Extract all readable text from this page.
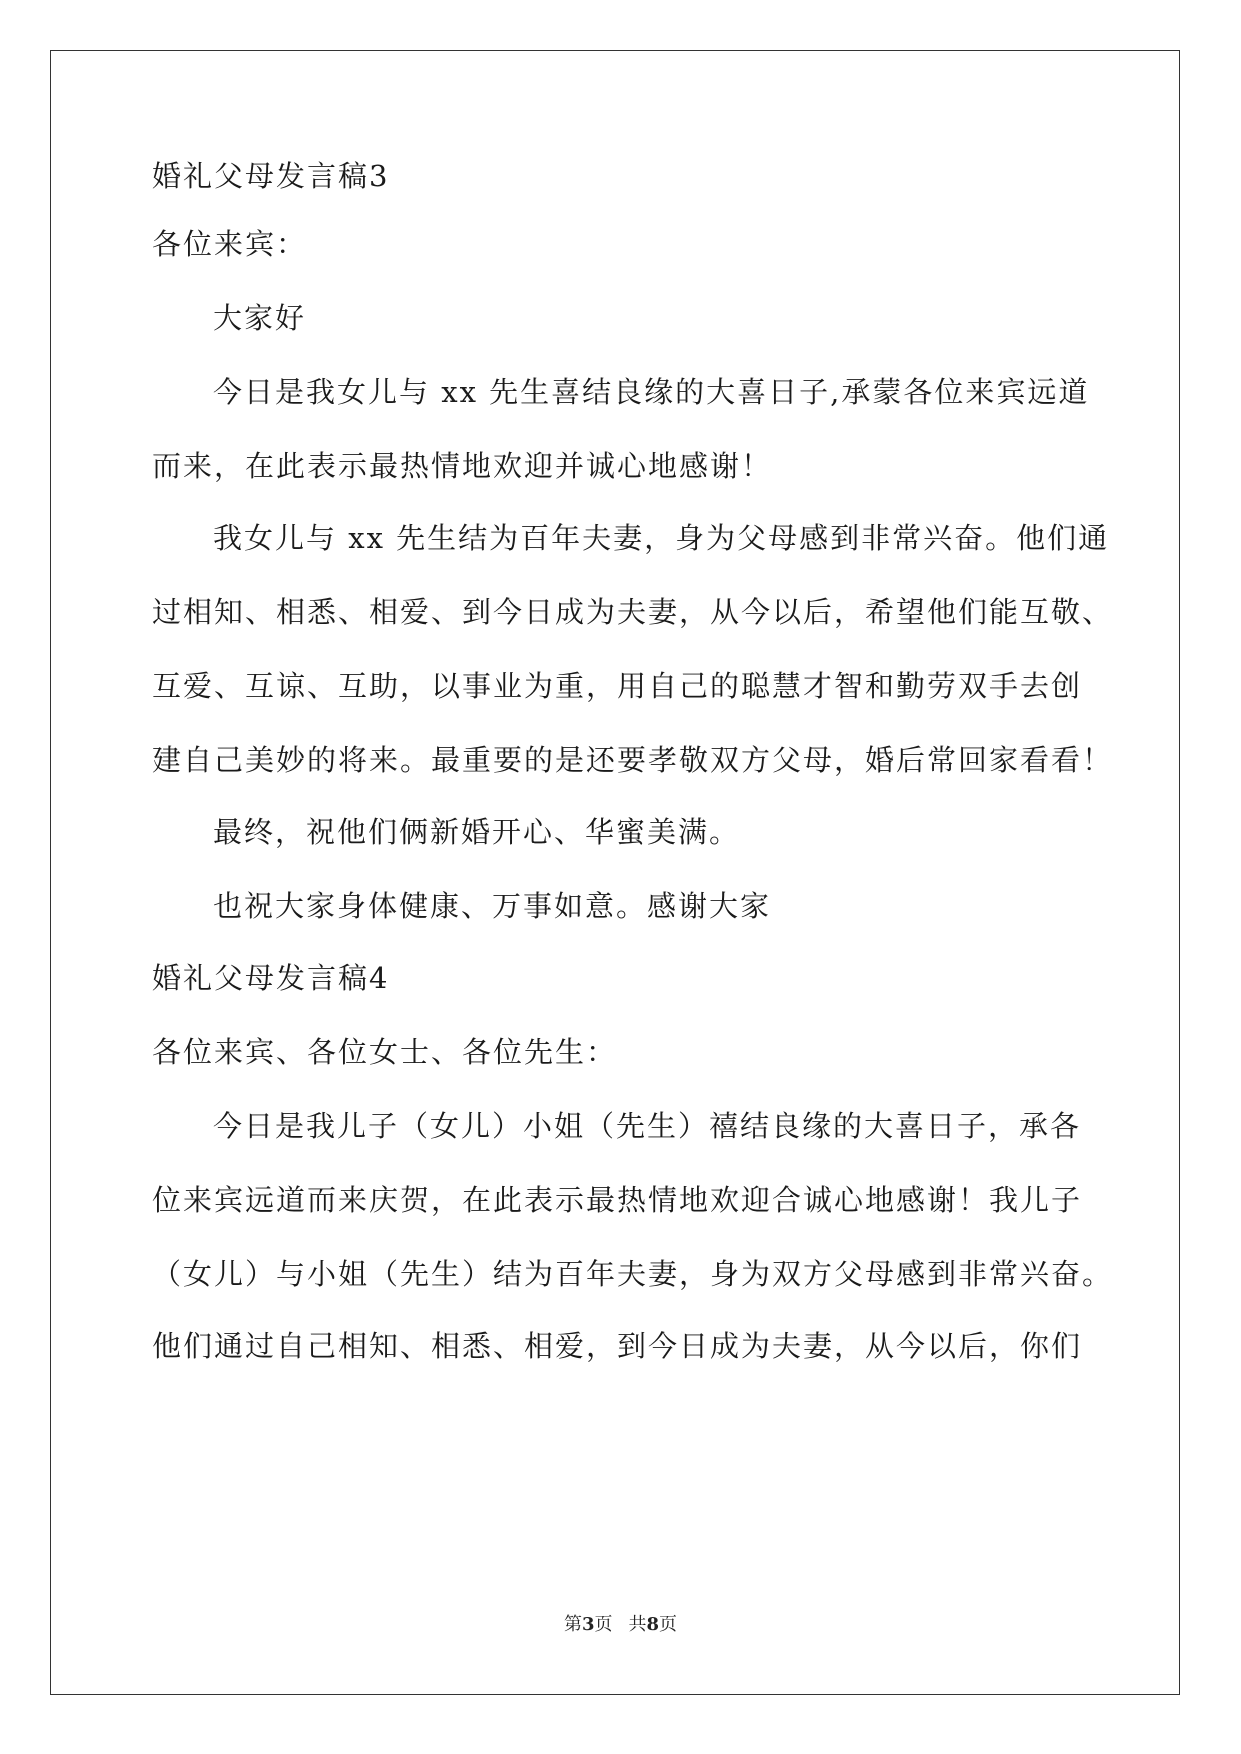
婚礼父母发言稿3
各位来宾：
大家好
今日是我女儿与 xx 先生喜结良缘的大喜日子,承蒙各位来宾远道
而来，在此表示最热情地欢迎并诚心地感谢！
我女儿与 xx 先生结为百年夫妻，身为父母感到非常兴奋。他们通
过相知、相悉、相爱、到今日成为夫妻，从今以后，希望他们能互敬、
互爱、互谅、互助，以事业为重，用自己的聪慧才智和勤劳双手去创
建自己美妙的将来。最重要的是还要孝敬双方父母，婚后常回家看看！
最终，祝他们俩新婚开心、华蜜美满。
也祝大家身体健康、万事如意。感谢大家
婚礼父母发言稿4
各位来宾、各位女士、各位先生：
今日是我儿子（女儿）小姐（先生）禧结良缘的大喜日子，承各
位来宾远道而来庆贺，在此表示最热情地欢迎合诚心地感谢！我儿子
（女儿）与小姐（先生）结为百年夫妻，身为双方父母感到非常兴奋。
他们通过自己相知、相悉、相爱，到今日成为夫妻，从今以后，你们
第3页 共8页
